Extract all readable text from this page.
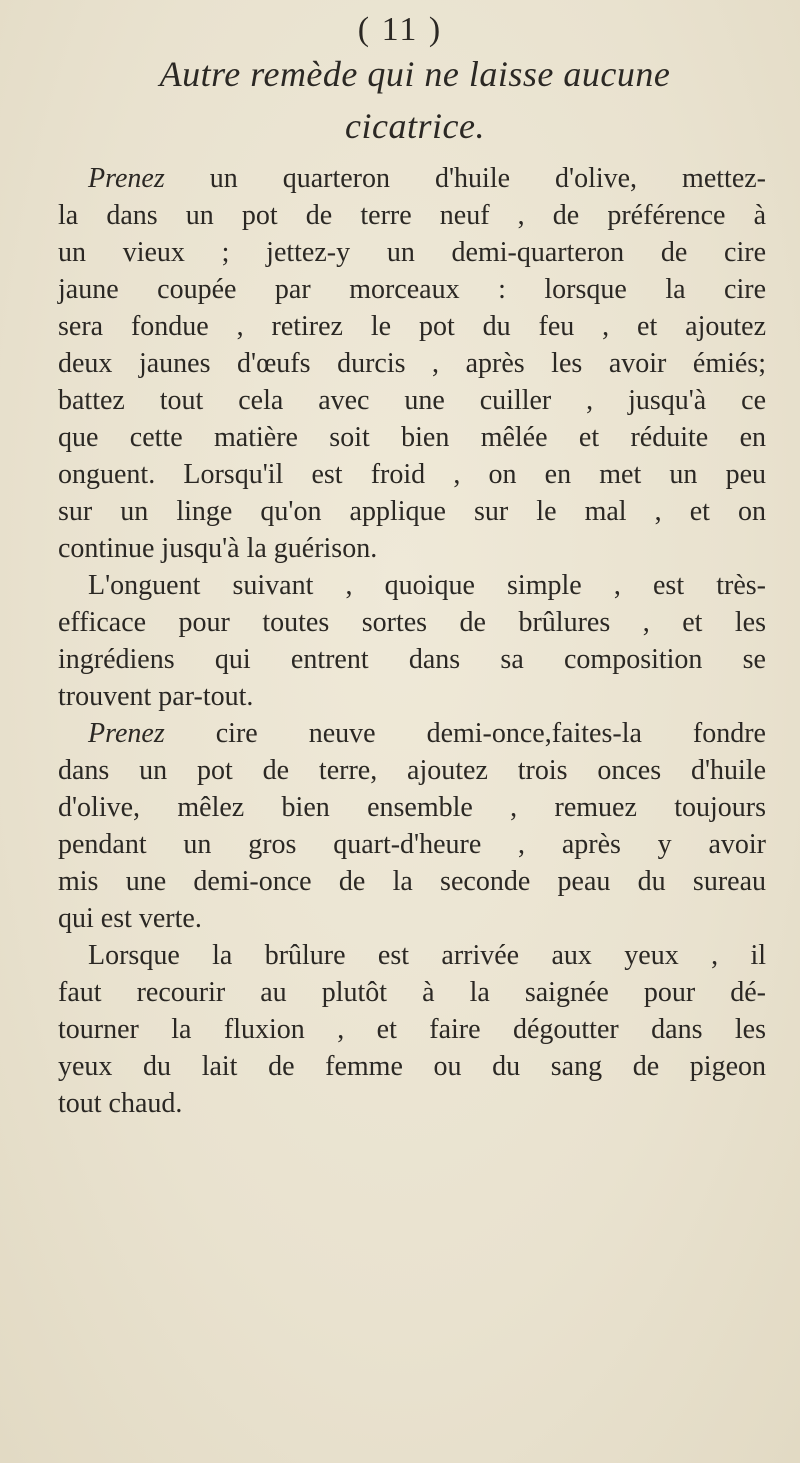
( 11 )
Autre remède qui ne laisse aucune
cicatrice.
Prenez un quarteron d'huile d'olive, mettez-
la dans un pot de terre neuf , de préférence à
un vieux ; jettez-y un demi-quarteron de cire
jaune coupée par morceaux : lorsque la cire
sera fondue , retirez le pot du feu , et ajoutez
deux jaunes d'œufs durcis , après les avoir émiés;
battez tout cela avec une cuiller , jusqu'à ce
que cette matière soit bien mêlée et réduite en
onguent. Lorsqu'il est froid , on en met un peu
sur un linge qu'on applique sur le mal , et on
continue jusqu'à la guérison.
L'onguent suivant , quoique simple , est très-
efficace pour toutes sortes de brûlures , et les
ingrédiens qui entrent dans sa composition se
trouvent par-tout.
Prenez cire neuve demi-once,faites-la fondre
dans un pot de terre, ajoutez trois onces d'huile
d'olive, mêlez bien ensemble , remuez toujours
pendant un gros quart-d'heure , après y avoir
mis une demi-once de la seconde peau du sureau
qui est verte.
Lorsque la brûlure est arrivée aux yeux , il
faut recourir au plutôt à la saignée pour dé-
tourner la fluxion , et faire dégoutter dans les
yeux du lait de femme ou du sang de pigeon
tout chaud.
